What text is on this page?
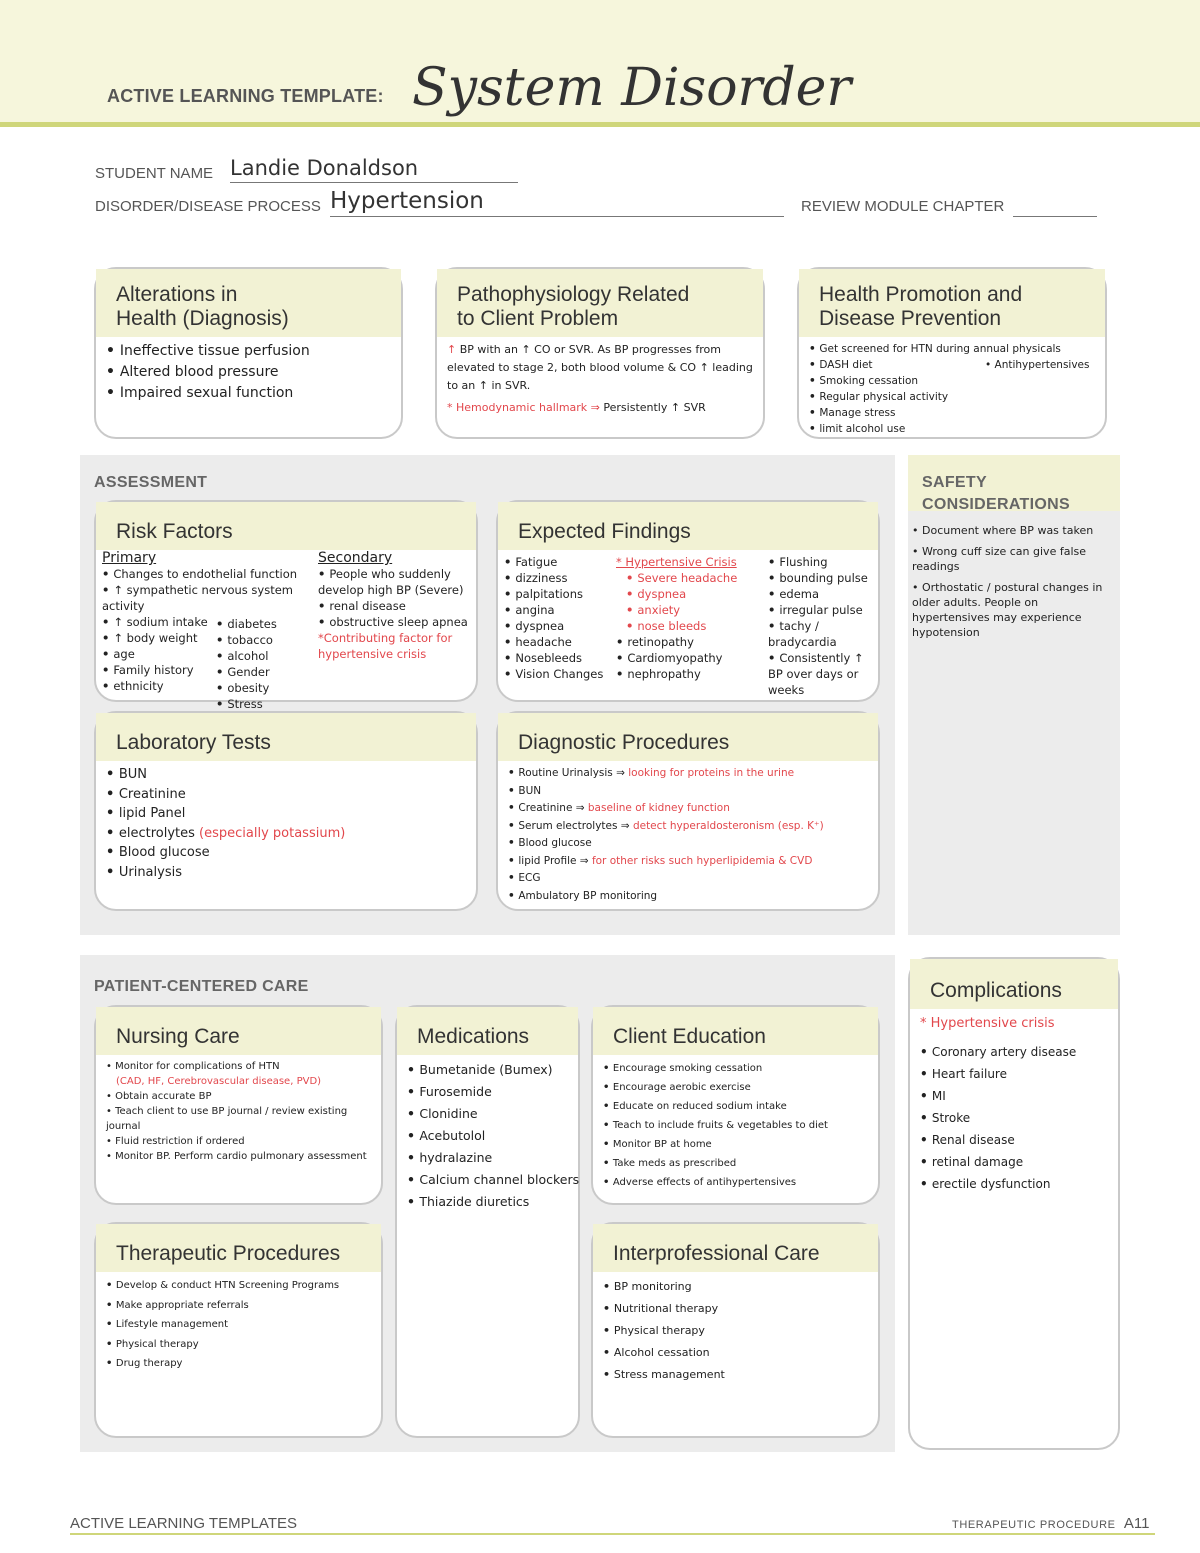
ACTIVE LEARNING TEMPLATE: System Disorder
STUDENT NAME Landie Donaldson
DISORDER/DISEASE PROCESS Hypertension	REVIEW MODULE CHAPTER
Alterations in
Health (Diagnosis)
• Ineffective tissue perfusion
• Altered blood pressure
• Impaired sexual function
Pathophysiology Related
to Client Problem
↑ BP with an ↑ CO or SVR. As BP progresses from elevated to stage 2, both blood volume & CO ↑ leading to an ↑ in SVR.
* Hemodynamic hallmark ⇒ Persistently ↑ SVR
Health Promotion and
Disease Prevention
• Get screened for HTN during annual physicals
• DASH diet
• Smoking cessation
• Regular physical activity
• Manage stress
• limit alcohol use
• Antihypertensives
ASSESSMENT
Risk Factors
Primary
• Changes to endothelial function
• ↑ sympathetic nervous system activity
• ↑ sodium intake
• ↑ body weight
• age
• Family history
• ethnicity
• diabetes
• tobacco
• alcohol
• Gender
• obesity
• Stress
Secondary
• People who suddenly develop high BP (Severe)
• renal disease
• obstructive sleep apnea
*Contributing factor for hypertensive crisis
Expected Findings
• Fatigue
• dizziness
• palpitations
• angina
• dyspnea
• headache
• Nosebleeds
• Vision Changes
* Hypertensive Crisis
• Severe headache
• dyspnea
• anxiety
• nose bleeds
• retinopathy
• Cardiomyopathy
• nephropathy
• Flushing
• bounding pulse
• edema
• irregular pulse
• tachy / bradycardia
• Consistently ↑ BP over days or weeks
Laboratory Tests
• BUN
• Creatinine
• lipid Panel
• electrolytes (especially potassium)
• Blood glucose
• Urinalysis
Diagnostic Procedures
• Routine Urinalysis ⇒ looking for proteins in the urine
• BUN
• Creatinine ⇒ baseline of kidney function
• Serum electrolytes ⇒ detect hyperaldosteronism (esp. K⁺)
• Blood glucose
• lipid Profile ⇒ for other risks such hyperlipidemia & CVD
• ECG
• Ambulatory BP monitoring
SAFETY
CONSIDERATIONS
• Document where BP was taken
• Wrong cuff size can give false readings
• Orthostatic / postural changes in older adults. People on hypertensives may experience hypotension
PATIENT-CENTERED CARE
Nursing Care
• Monitor for complications of HTN
(CAD, HF, Cerebrovascular disease, PVD)
• Obtain accurate BP
• Teach client to use BP journal / review existing journal
• Fluid restriction if ordered
• Monitor BP. Perform cardio pulmonary assessment
Medications
• Bumetanide (Bumex)
• Furosemide
• Clonidine
• Acebutolol
• hydralazine
• Calcium channel blockers
• Thiazide diuretics
Client Education
• Encourage smoking cessation
• Encourage aerobic exercise
• Educate on reduced sodium intake
• Teach to include fruits & vegetables to diet
• Monitor BP at home
• Take meds as prescribed
• Adverse effects of antihypertensives
Therapeutic Procedures
• Develop & conduct HTN Screening Programs
• Make appropriate referrals
• Lifestyle management
• Physical therapy
• Drug therapy
Interprofessional Care
• BP monitoring
• Nutritional therapy
• Physical therapy
• Alcohol cessation
• Stress management
Complications
* Hypertensive crisis
• Coronary artery disease
• Heart failure
• MI
• Stroke
• Renal disease
• retinal damage
• erectile dysfunction
ACTIVE LEARNING TEMPLATES	THERAPEUTIC PROCEDURE A11
